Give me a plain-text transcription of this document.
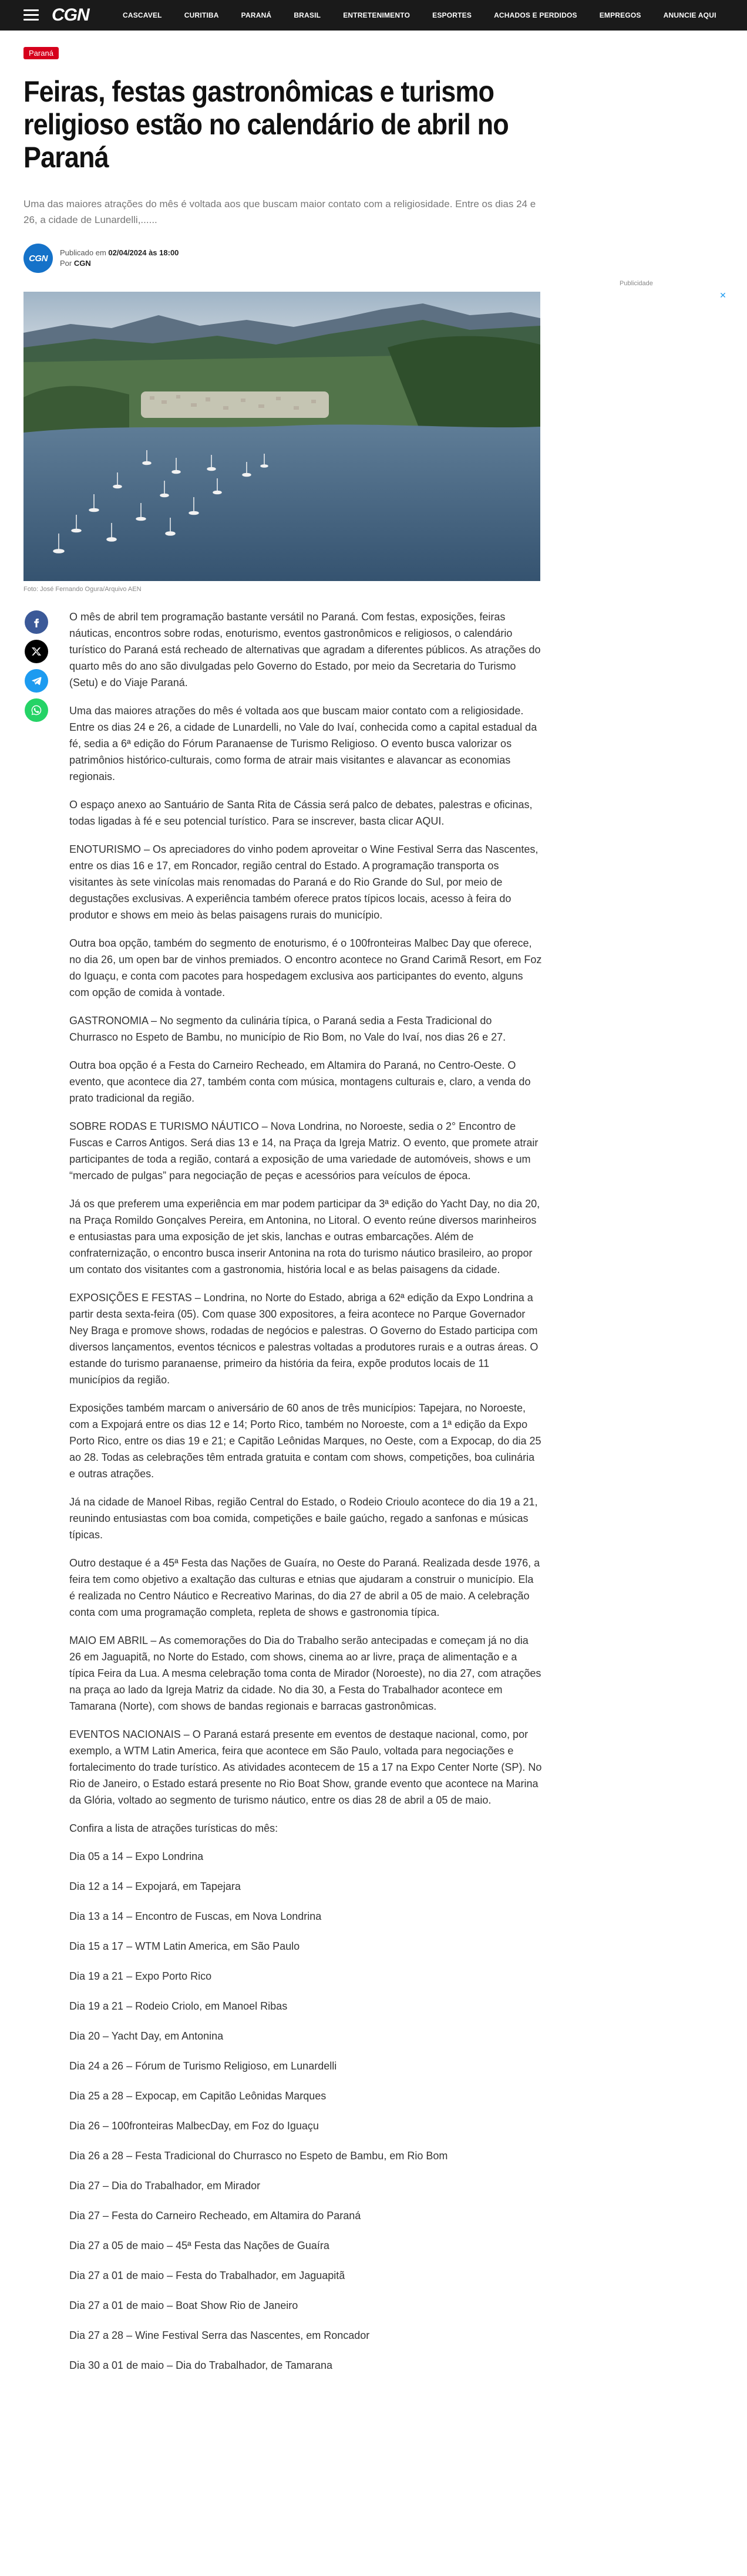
CGN	CASCAVEL	CURITIBA	PARANÁ	BRASIL	ENTRETENIMENTO	ESPORTES	ACHADOS E PERDIDOS	EMPREGOS	ANUNCIE AQUI
Paraná
Feiras, festas gastronômicas e turismo religioso estão no calendário de abril no Paraná

Uma das maiores atrações do mês é voltada aos que buscam maior contato com a religiosidade. Entre os dias 24 e 26, a cidade de Lunardelli,......

CGN
Publicado em 02/04/2024 às 18:00
Por CGN
Foto: José Fernando Ogura/Arquivo AEN
Publicidade
✕

O mês de abril tem programação bastante versátil no Paraná. Com festas, exposições, feiras náuticas, encontros sobre rodas, enoturismo, eventos gastronômicos e religiosos, o calendário turístico do Paraná está recheado de alternativas que agradam a diferentes públicos. As atrações do quarto mês do ano são divulgadas pelo Governo do Estado, por meio da Secretaria do Turismo (Setu) e do Viaje Paraná.

Uma das maiores atrações do mês é voltada aos que buscam maior contato com a religiosidade. Entre os dias 24 e 26, a cidade de Lunardelli, no Vale do Ivaí, conhecida como a capital estadual da fé, sedia a 6ª edição do Fórum Paranaense de Turismo Religioso. O evento busca valorizar os patrimônios histórico-culturais, como forma de atrair mais visitantes e alavancar as economias regionais.

O espaço anexo ao Santuário de Santa Rita de Cássia será palco de debates, palestras e oficinas, todas ligadas à fé e seu potencial turístico. Para se inscrever, basta clicar AQUI.

ENOTURISMO – Os apreciadores do vinho podem aproveitar o Wine Festival Serra das Nascentes, entre os dias 16 e 17, em Roncador, região central do Estado. A programação transporta os visitantes às sete vinícolas mais renomadas do Paraná e do Rio Grande do Sul, por meio de degustações exclusivas. A experiência também oferece pratos típicos locais, acesso à feira do produtor e shows em meio às belas paisagens rurais do município.

Outra boa opção, também do segmento de enoturismo, é o 100fronteiras Malbec Day que oferece, no dia 26, um open bar de vinhos premiados. O encontro acontece no Grand Carimã Resort, em Foz do Iguaçu, e conta com pacotes para hospedagem exclusiva aos participantes do evento, alguns com opção de comida à vontade.

GASTRONOMIA – No segmento da culinária típica, o Paraná sedia a Festa Tradicional do Churrasco no Espeto de Bambu, no município de Rio Bom, no Vale do Ivaí, nos dias 26 e 27.

Outra boa opção é a Festa do Carneiro Recheado, em Altamira do Paraná, no Centro-Oeste. O evento, que acontece dia 27, também conta com música, montagens culturais e, claro, a venda do prato tradicional da região.

SOBRE RODAS E TURISMO NÁUTICO – Nova Londrina, no Noroeste, sedia o 2° Encontro de Fuscas e Carros Antigos. Será dias 13 e 14, na Praça da Igreja Matriz. O evento, que promete atrair participantes de toda a região, contará a exposição de uma variedade de automóveis, shows e um “mercado de pulgas” para negociação de peças e acessórios para veículos de época.

Já os que preferem uma experiência em mar podem participar da 3ª edição do Yacht Day, no dia 20, na Praça Romildo Gonçalves Pereira, em Antonina, no Litoral. O evento reúne diversos marinheiros e entusiastas para uma exposição de jet skis, lanchas e outras embarcações. Além de confraternização, o encontro busca inserir Antonina na rota do turismo náutico brasileiro, ao propor um contato dos visitantes com a gastronomia, história local e as belas paisagens da cidade.

EXPOSIÇÕES E FESTAS – Londrina, no Norte do Estado, abriga a 62ª edição da Expo Londrina a partir desta sexta-feira (05). Com quase 300 expositores, a feira acontece no Parque Governador Ney Braga e promove shows, rodadas de negócios e palestras. O Governo do Estado participa com diversos lançamentos, eventos técnicos e palestras voltadas a produtores rurais e a outras áreas. O estande do turismo paranaense, primeiro da história da feira, expõe produtos locais de 11 municípios da região.

Exposições também marcam o aniversário de 60 anos de três municípios: Tapejara, no Noroeste, com a Expojará entre os dias 12 e 14; Porto Rico, também no Noroeste, com a 1ª edição da Expo Porto Rico, entre os dias 19 e 21; e Capitão Leônidas Marques, no Oeste, com a Expocap, do dia 25 ao 28. Todas as celebrações têm entrada gratuita e contam com shows, competições, boa culinária e outras atrações.

Já na cidade de Manoel Ribas, região Central do Estado, o Rodeio Crioulo acontece do dia 19 a 21, reunindo entusiastas com boa comida, competições e baile gaúcho, regado a sanfonas e músicas típicas.

Outro destaque é a 45ª Festa das Nações de Guaíra, no Oeste do Paraná. Realizada desde 1976, a feira tem como objetivo a exaltação das culturas e etnias que ajudaram a construir o município. Ela é realizada no Centro Náutico e Recreativo Marinas, do dia 27 de abril a 05 de maio. A celebração conta com uma programação completa, repleta de shows e gastronomia típica.

MAIO EM ABRIL – As comemorações do Dia do Trabalho serão antecipadas e começam já no dia 26 em Jaguapitã, no Norte do Estado, com shows, cinema ao ar livre, praça de alimentação e a típica Feira da Lua. A mesma celebração toma conta de Mirador (Noroeste), no dia 27, com atrações na praça ao lado da Igreja Matriz da cidade. No dia 30, a Festa do Trabalhador acontece em Tamarana (Norte), com shows de bandas regionais e barracas gastronômicas.

EVENTOS NACIONAIS – O Paraná estará presente em eventos de destaque nacional, como, por exemplo, a WTM Latin America, feira que acontece em São Paulo, voltada para negociações e fortalecimento do trade turístico. As atividades acontecem de 15 a 17 na Expo Center Norte (SP). No Rio de Janeiro, o Estado estará presente no Rio Boat Show, grande evento que acontece na Marina da Glória, voltado ao segmento de turismo náutico, entre os dias 28 de abril a 05 de maio.

Confira a lista de atrações turísticas do mês:

Dia 05 a 14 – Expo Londrina

Dia 12 a 14 – Expojará, em Tapejara

Dia 13 a 14 – Encontro de Fuscas, em Nova Londrina

Dia 15 a 17 – WTM Latin America, em São Paulo

Dia 19 a 21 – Expo Porto Rico

Dia 19 a 21 – Rodeio Criolo, em Manoel Ribas

Dia 20 – Yacht Day, em Antonina

Dia 24 a 26 – Fórum de Turismo Religioso, em Lunardelli

Dia 25 a 28 – Expocap, em Capitão Leônidas Marques

Dia 26 – 100fronteiras MalbecDay, em Foz do Iguaçu

Dia 26 a 28 – Festa Tradicional do Churrasco no Espeto de Bambu, em Rio Bom

Dia 27 – Dia do Trabalhador, em Mirador

Dia 27 – Festa do Carneiro Recheado, em Altamira do Paraná

Dia 27 a 05 de maio – 45ª Festa das Nações de Guaíra

Dia 27 a 01 de maio – Festa do Trabalhador, em Jaguapitã

Dia 27 a 01 de maio – Boat Show Rio de Janeiro

Dia 27 a 28 – Wine Festival Serra das Nascentes, em Roncador

Dia 30 a 01 de maio – Dia do Trabalhador, de Tamarana
